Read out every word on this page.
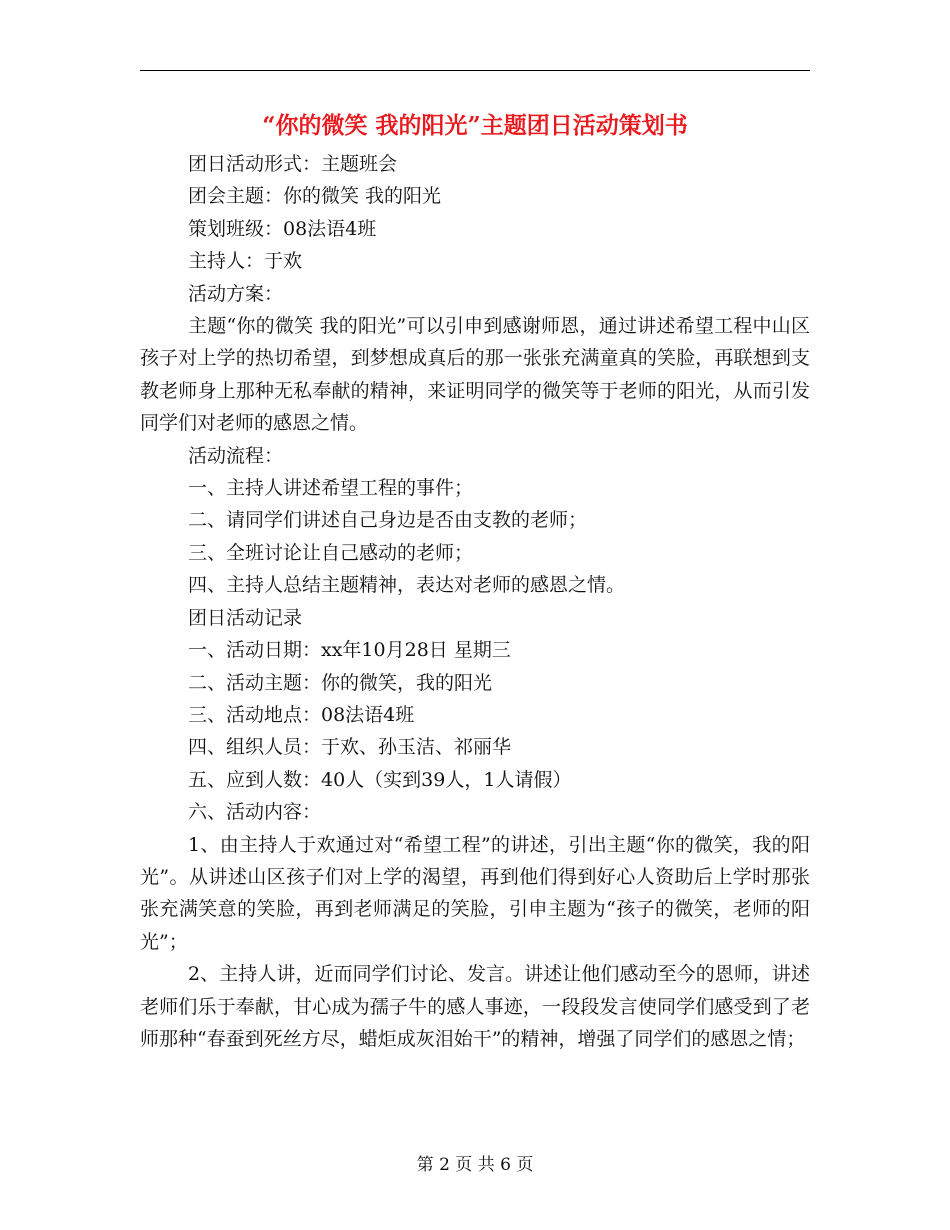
“你的微笑 我的阳光”主题团日活动策划书

团日活动形式：主题班会

团会主题：你的微笑 我的阳光

策划班级：08法语4班

主持人：于欢

活动方案：

主题“你的微笑 我的阳光”可以引申到感谢师恩，通过讲述希望工程中山区孩子对上学的热切希望，到梦想成真后的那一张张充满童真的笑脸，再联想到支教老师身上那种无私奉献的精神，来证明同学的微笑等于老师的阳光，从而引发同学们对老师的感恩之情。

活动流程：

一、主持人讲述希望工程的事件；

二、请同学们讲述自己身边是否由支教的老师；

三、全班讨论让自己感动的老师；

四、主持人总结主题精神，表达对老师的感恩之情。

团日活动记录

一、活动日期：xx年10月28日 星期三

二、活动主题：你的微笑，我的阳光

三、活动地点：08法语4班

四、组织人员：于欢、孙玉洁、祁丽华

五、应到人数：40人（实到39人，1人请假）

六、活动内容：

1、由主持人于欢通过对“希望工程”的讲述，引出主题“你的微笑，我的阳光”。从讲述山区孩子们对上学的渴望，再到他们得到好心人资助后上学时那张张充满笑意的笑脸，再到老师满足的笑脸，引申主题为“孩子的微笑，老师的阳光”；

2、主持人讲，近而同学们讨论、发言。讲述让他们感动至今的恩师，讲述老师们乐于奉献，甘心成为孺子牛的感人事迹，一段段发言使同学们感受到了老师那种“春蚕到死丝方尽，蜡炬成灰泪始干”的精神，增强了同学们的感恩之情；

第 2 页 共 6 页
